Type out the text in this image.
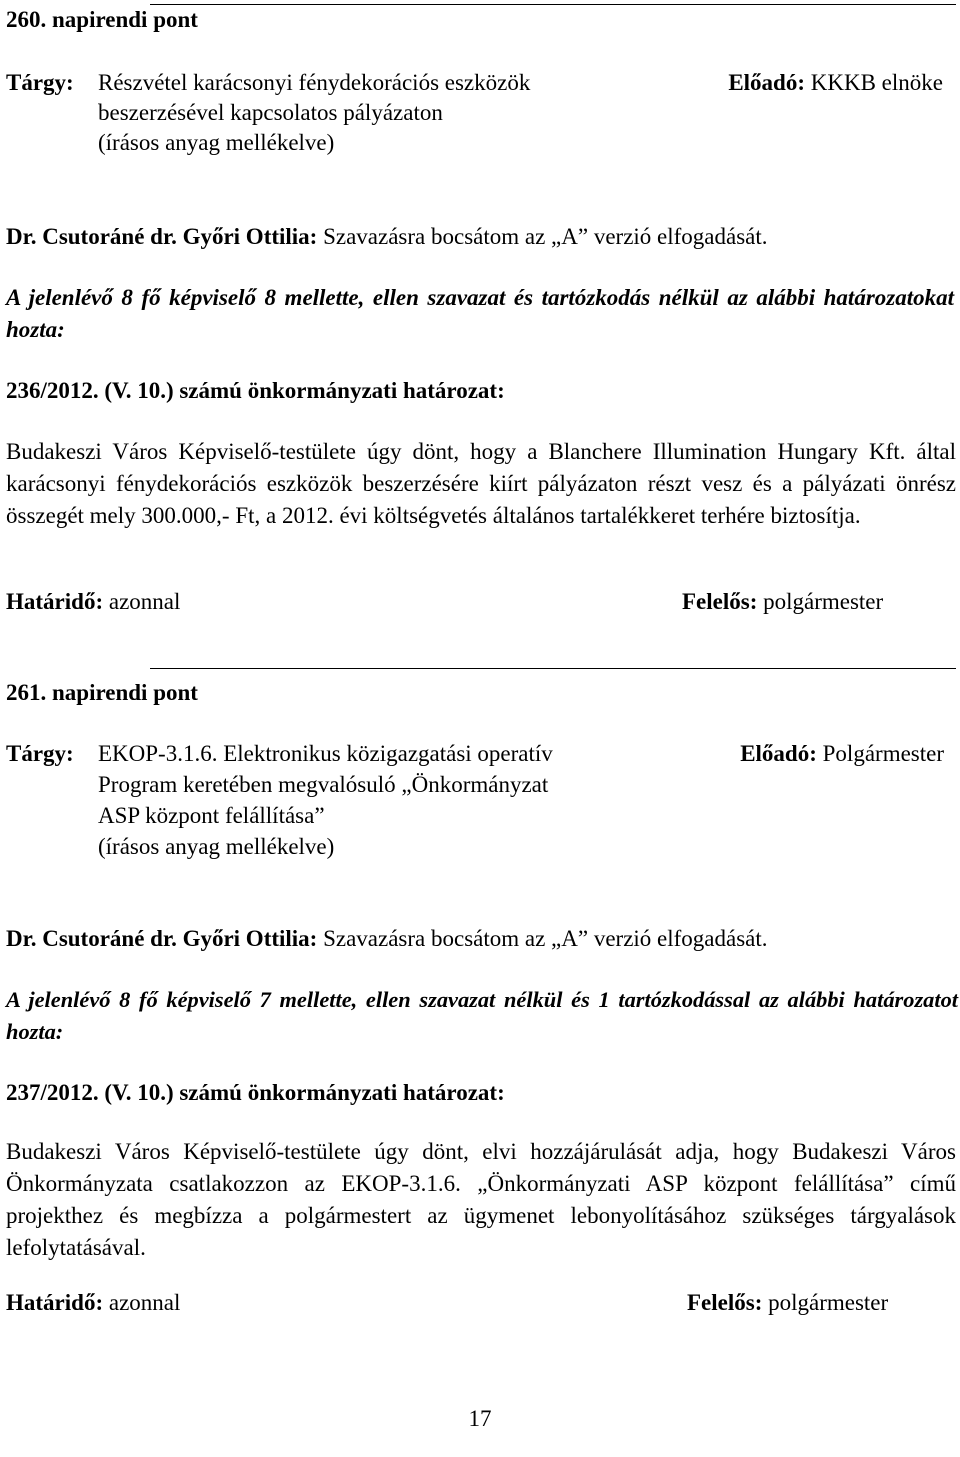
260. napirendi pont
Tárgy: Részvétel karácsonyi fénydekorációs eszközök
beszerzésével kapcsolatos pályázaton
(írásos anyag mellékelve)
Előadó: KKKB elnöke
Dr. Csutoráné dr. Győri Ottilia: Szavazásra bocsátom az „A” verzió elfogadását.
A jelenlévő 8 fő képviselő 8 mellette, ellen szavazat és tartózkodás nélkül az alábbi határozatokat hozta:
236/2012. (V. 10.) számú önkormányzati határozat:
Budakeszi Város Képviselő-testülete úgy dönt, hogy a Blanchere Illumination Hungary Kft. által karácsonyi fénydekorációs eszközök beszerzésére kiírt pályázaton részt vesz és a pályázati önrész összegét mely 300.000,- Ft, a 2012. évi költségvetés általános tartalékkeret terhére biztosítja.
Határidő: azonnal	Felelős: polgármester
261. napirendi pont
Tárgy: EKOP-3.1.6. Elektronikus közigazgatási operatív
Program keretében megvalósuló „Önkormányzat
ASP központ felállítása”
(írásos anyag mellékelve)
Előadó: Polgármester
Dr. Csutoráné dr. Győri Ottilia: Szavazásra bocsátom az „A” verzió elfogadását.
A jelenlévő 8 fő képviselő 7 mellette, ellen szavazat nélkül és 1 tartózkodással az alábbi határozatot hozta:
237/2012. (V. 10.) számú önkormányzati határozat:
Budakeszi Város Képviselő-testülete úgy dönt, elvi hozzájárulását adja, hogy Budakeszi Város Önkormányzata csatlakozzon az EKOP-3.1.6. „Önkormányzati ASP központ felállítása” című projekthez és megbízza a polgármestert az ügymenet lebonyolításához szükséges tárgyalások lefolytatásával.
Határidő: azonnal	Felelős: polgármester
17
